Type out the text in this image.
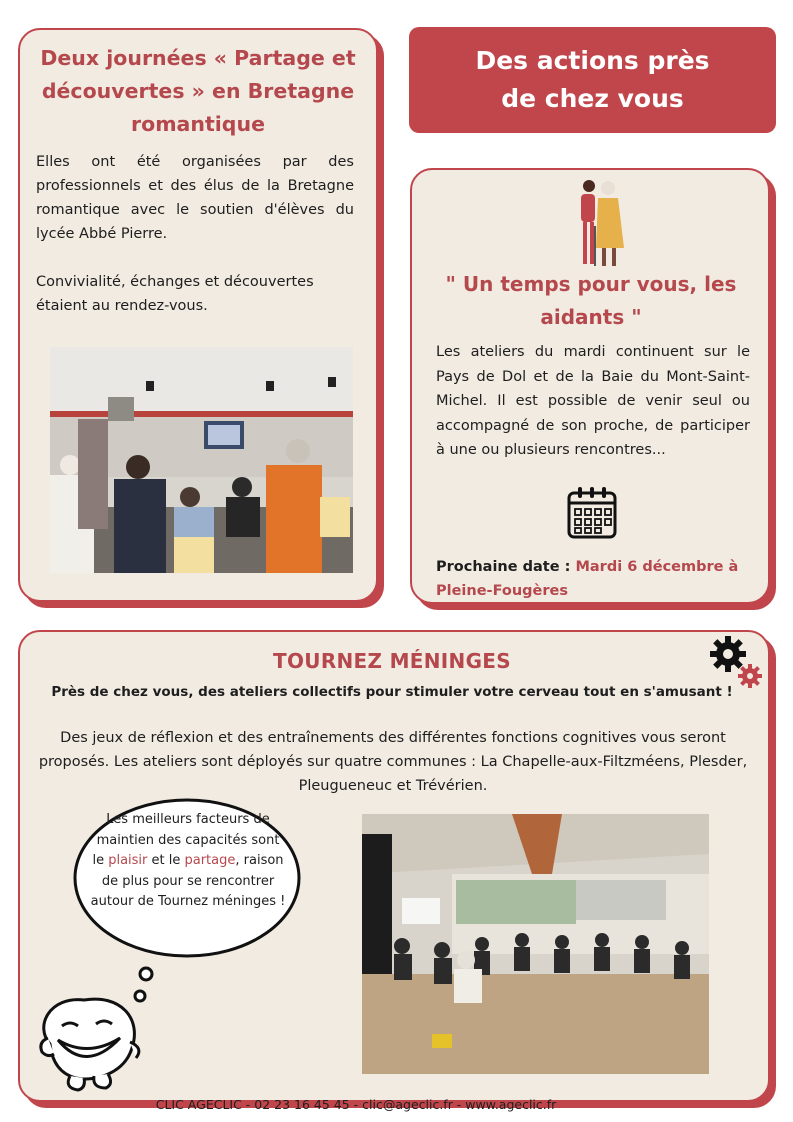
Deux journées « Partage et découvertes » en Bretagne romantique

Elles ont été organisées par des professionnels et des élus de la Bretagne romantique avec le soutien d'élèves du lycée Abbé Pierre.

Convivialité, échanges et découvertes étaient au rendez-vous.

Des actions près de chez vous

" Un temps pour vous, les aidants "

Les ateliers du mardi continuent sur le Pays de Dol et de la Baie du Mont-Saint-Michel. Il est possible de venir seul ou accompagné de son proche, de participer à une ou plusieurs rencontres...

Prochaine date : Mardi 6 décembre à Pleine-Fougères

TOURNEZ MÉNINGES

Près de chez vous, des ateliers collectifs pour stimuler votre cerveau tout en s'amusant !

Des jeux de réflexion et des entraînements des différentes fonctions cognitives vous seront proposés. Les ateliers sont déployés sur quatre communes : La Chapelle-aux-Filtzméens, Plesder, Pleugueneuc et Trévérien.

Les meilleurs facteurs de maintien des capacités sont le plaisir et le partage, raison de plus pour se rencontrer autour de Tournez méninges !

CLIC AGECLIC - 02 23 16 45 45 - clic@ageclic.fr - www.ageclic.fr
